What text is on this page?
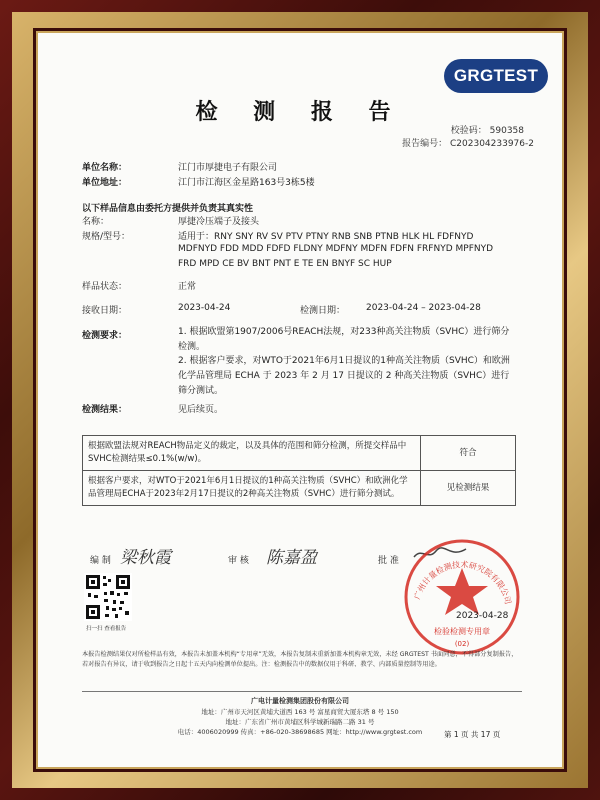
GRGTEST
检 测 报 告
校验码： 590358
报告编号： C202304233976-2
单位名称：	江门市厚捷电子有限公司
单位地址：	江门市江海区金星路163号3栋5楼
以下样品信息由委托方提供并负责其真实性
名称：	厚捷冷压端子及接头
规格/型号：	适用于：RNY SNY RV SV PTV PTNY RNB SNB PTNB HLK HL FDFNYD
MDFNYD FDD MDD FDFD FLDNY MDFNY MDFN FDFN FRFNYD MPFNYD
FRD MPD CE BV BNT PNT E TE EN BNYF SC HUP
样品状态：	正常
接收日期：	2023-04-24	检测日期： 2023-04-24 – 2023-04-28
检测要求：	1. 根据欧盟第1907/2006号REACH法规，对233种高关注物质（SVHC）进行筛分检测。
2. 根据客户要求，对WTO于2021年6月1日提议的1种高关注物质（SVHC）和欧洲化学品管理局 ECHA 于 2023 年 2 月 17 日提议的 2 种高关注物质（SVHC）进行筛分测试。
检测结果：	见后续页。
根据欧盟法规对REACH物品定义的裁定，以及具体的范围和筛分检测，所提交样品中SVHC检测结果≤0.1%(w/w)。	符合
根据客户要求，对WTO于2021年6月1日提议的1种高关注物质（SVHC）和欧洲化学品管理局ECHA于2023年2月17日提议的2种高关注物质（SVHC）进行筛分测试。	见检测结果
编 制 梁秋霞	审 核 陈嘉盈	批 准
扫一扫 查看报告
广州计量检测技术研究院有限公司
检验检测专用章
(02)
2023-04-28
本报告检测结果仅对所检样品有效，本报告未加盖本机构“专用章”无效，本报告复制未重新加盖本机构章无效，未经 GRGTEST 书面同意，不得部分复制报告，若对报告有异议，请于收到报告之日起十五天内向检测单位提出。注：检测报告中的数据仅用于科研、教学、内部质量控制等用途。
广电计量检测集团股份有限公司
地址：广州市天河区黄埔大道西 163 号 富星商贸大厦东塔 8 号 150
地址：广东省广州市黄埔区科学城新瑞路二路 31 号
电话：4006020999 传真：+86-020-38698685 网址：http://www.grgtest.com	第 1 页 共 17 页
